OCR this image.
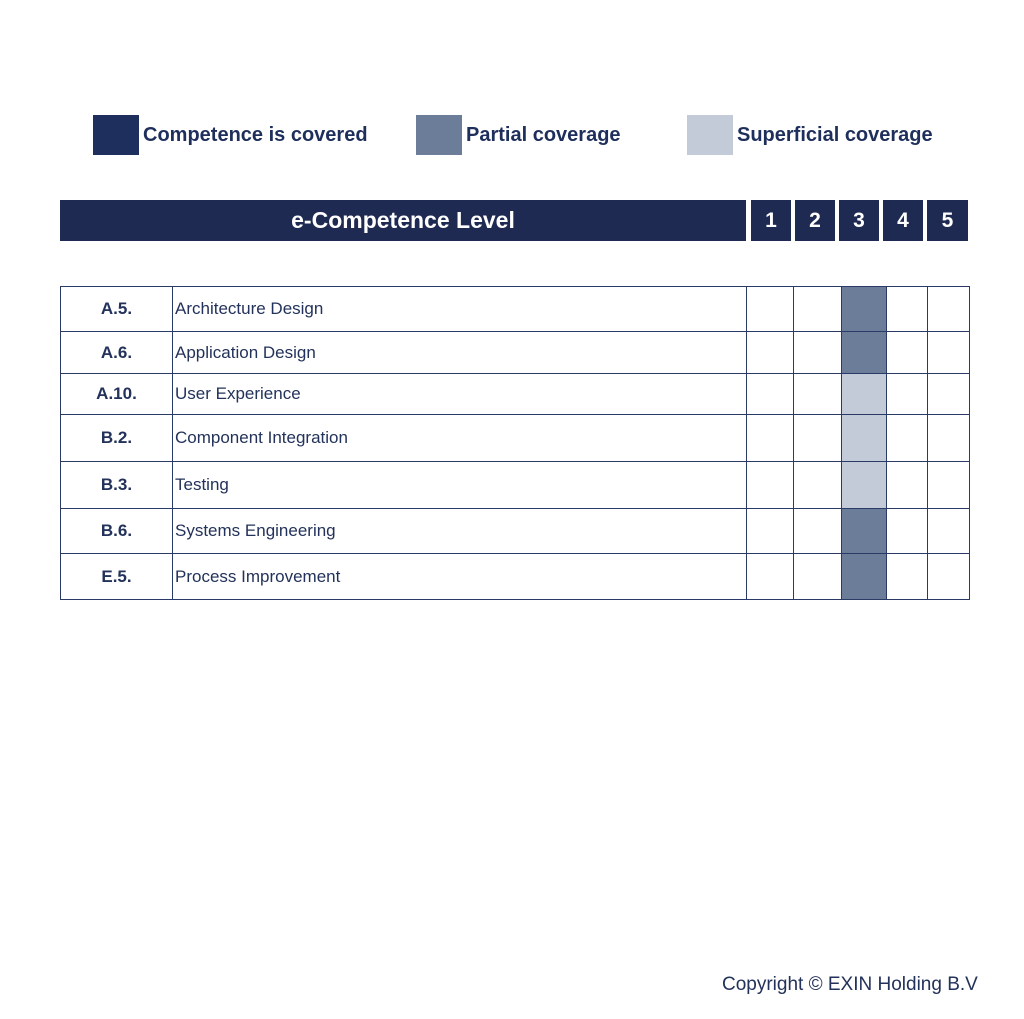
Competence is covered	Partial coverage	Superficial coverage
e-Competence Level	1	2	3	4	5
A.5.	Architecture Design					
A.6.	Application Design					
A.10.	User Experience					
B.2.	Component Integration					
B.3.	Testing					
B.6.	Systems Engineering					
E.5.	Process Improvement					
Copyright © EXIN Holding B.V
